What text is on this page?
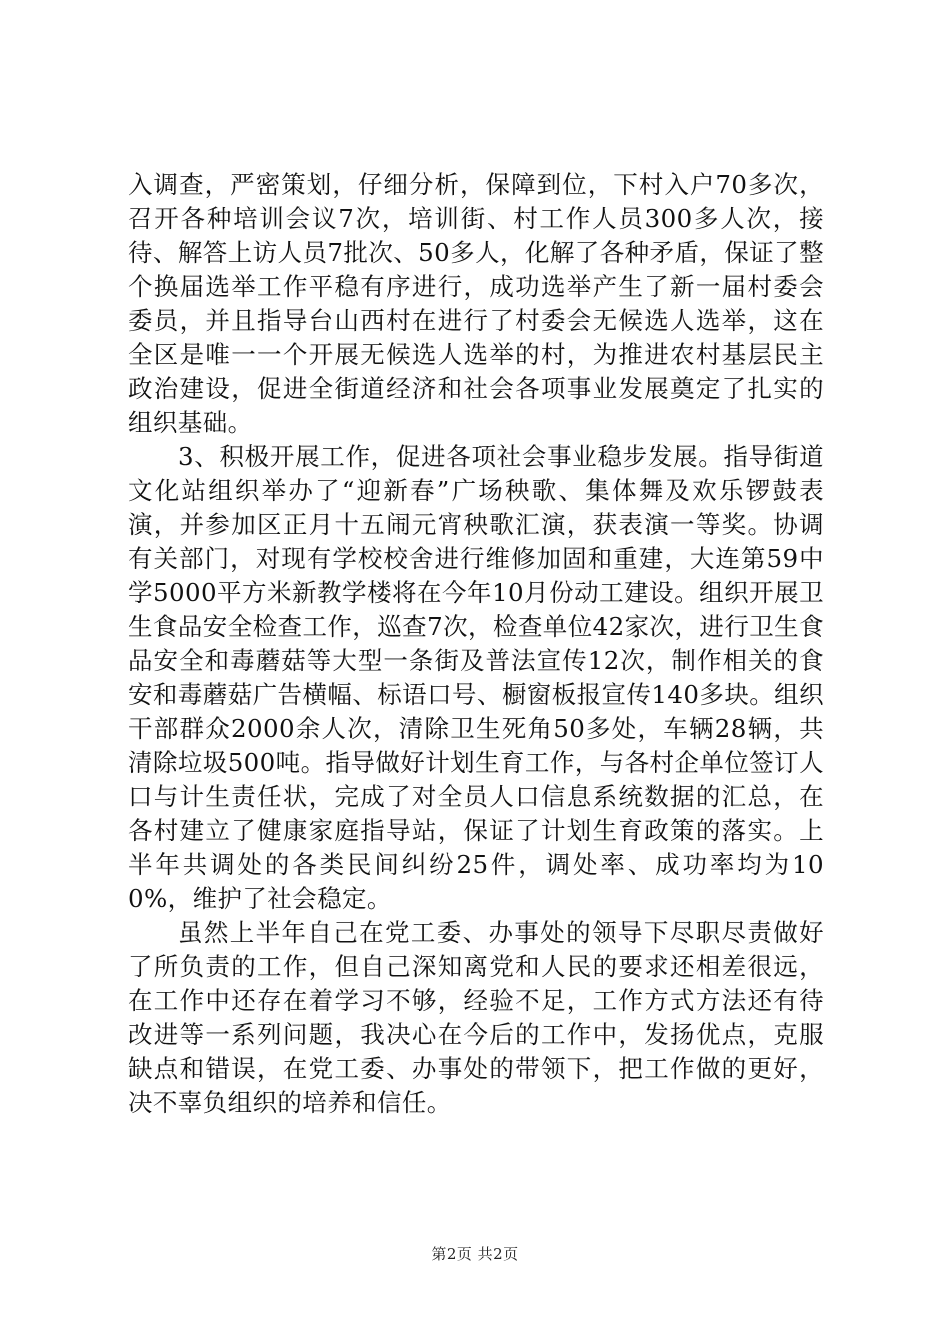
入调查，严密策划，仔细分析，保障到位，下村入户70多次，召开各种培训会议7次，培训街、村工作人员300多人次，接待、解答上访人员7批次、50多人，化解了各种矛盾，保证了整个换届选举工作平稳有序进行，成功选举产生了新一届村委会委员，并且指导台山西村在进行了村委会无候选人选举，这在全区是唯一一个开展无候选人选举的村，为推进农村基层民主政治建设，促进全街道经济和社会各项事业发展奠定了扎实的组织基础。

3、积极开展工作，促进各项社会事业稳步发展。指导街道文化站组织举办了“迎新春”广场秧歌、集体舞及欢乐锣鼓表演，并参加区正月十五闹元宵秧歌汇演，获表演一等奖。协调有关部门，对现有学校校舍进行维修加固和重建，大连第59中学5000平方米新教学楼将在今年10月份动工建设。组织开展卫生食品安全检查工作，巡查7次，检查单位42家次，进行卫生食品安全和毒蘑菇等大型一条街及普法宣传12次，制作相关的食安和毒蘑菇广告横幅、标语口号、橱窗板报宣传140多块。组织干部群众2000余人次，清除卫生死角50多处，车辆28辆，共清除垃圾500吨。指导做好计划生育工作，与各村企单位签订人口与计生责任状，完成了对全员人口信息系统数据的汇总，在各村建立了健康家庭指导站，保证了计划生育政策的落实。上半年共调处的各类民间纠纷25件，调处率、成功率均为100%，维护了社会稳定。

虽然上半年自己在党工委、办事处的领导下尽职尽责做好了所负责的工作，但自己深知离党和人民的要求还相差很远，在工作中还存在着学习不够，经验不足，工作方式方法还有待改进等一系列问题，我决心在今后的工作中，发扬优点，克服缺点和错误，在党工委、办事处的带领下，把工作做的更好，决不辜负组织的培养和信任。

第2页 共2页
